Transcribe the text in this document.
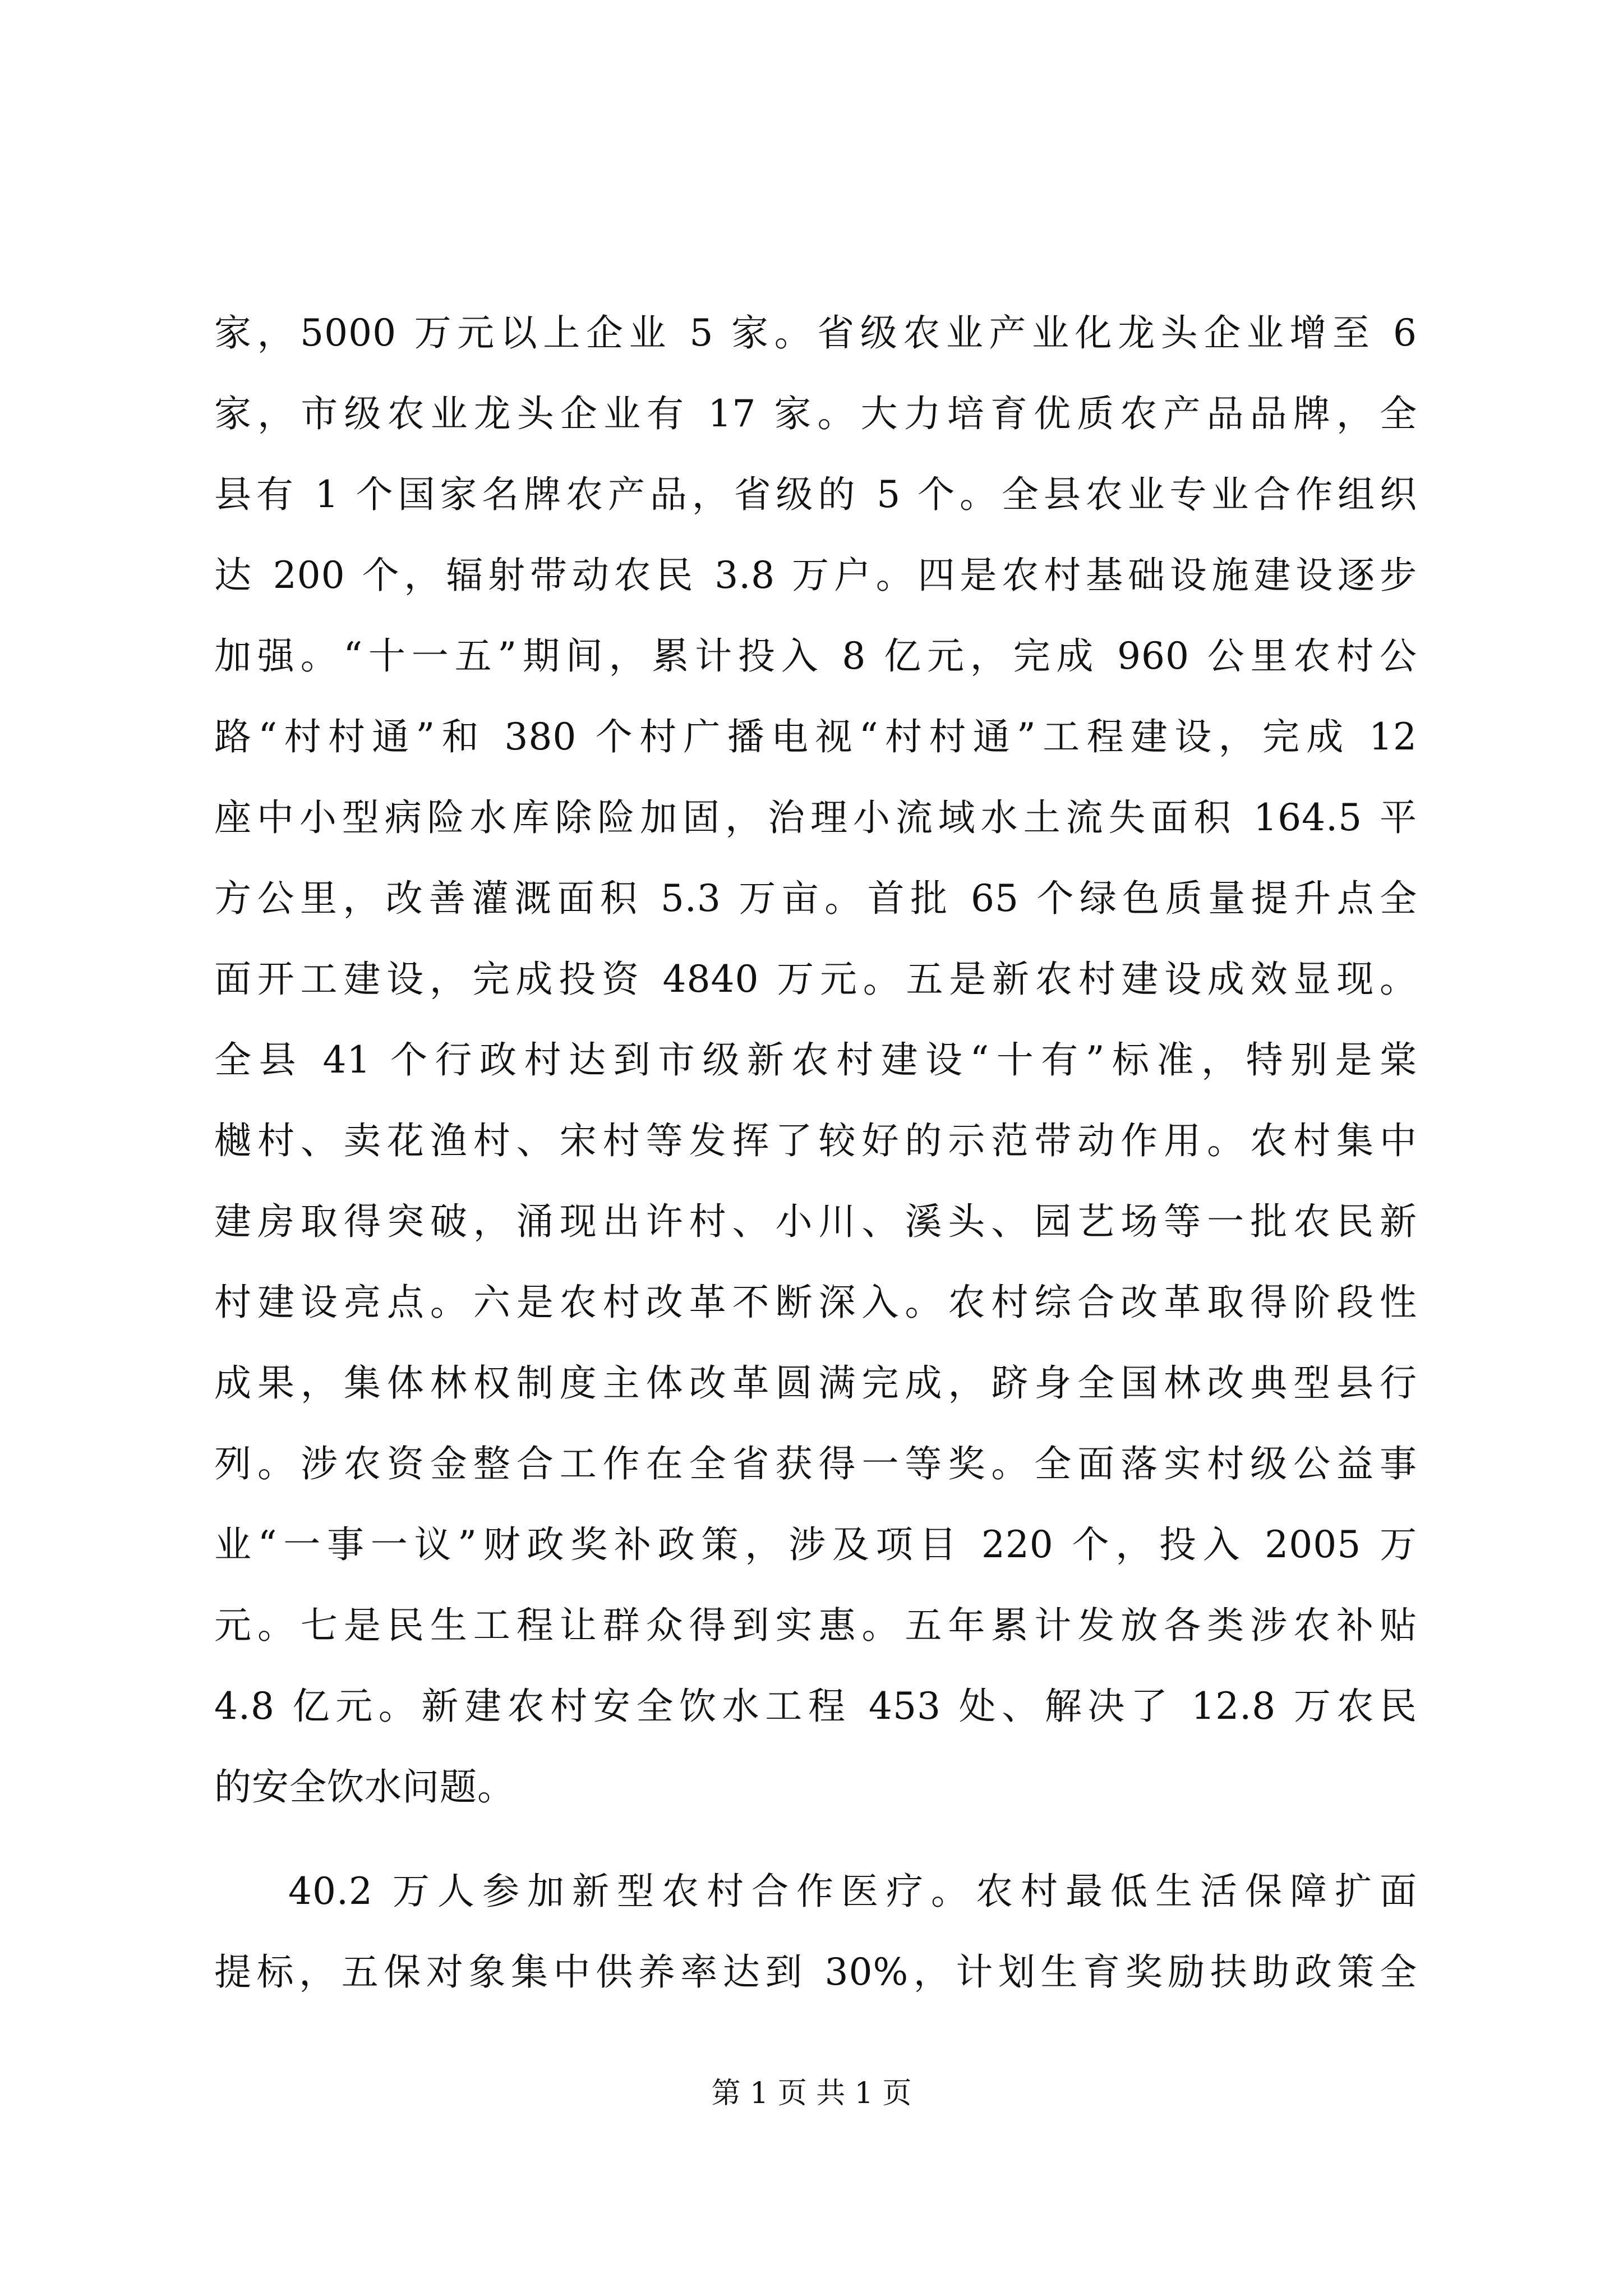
家，5000 万元以上企业 5 家。省级农业产业化龙头企业增至 6
家，市级农业龙头企业有 17 家。大力培育优质农产品品牌，全
县有 1 个国家名牌农产品，省级的 5 个。全县农业专业合作组织
达 200 个，辐射带动农民 3.8 万户。四是农村基础设施建设逐步
加强。“十一五”期间，累计投入 8 亿元，完成 960 公里农村公
路“村村通”和 380 个村广播电视“村村通”工程建设，完成 12
座中小型病险水库除险加固，治理小流域水土流失面积 164.5 平
方公里，改善灌溉面积 5.3 万亩。首批 65 个绿色质量提升点全
面开工建设，完成投资 4840 万元。五是新农村建设成效显现。
全县 41 个行政村达到市级新农村建设“十有”标准，特别是棠
樾村、卖花渔村、宋村等发挥了较好的示范带动作用。农村集中
建房取得突破，涌现出许村、小川、溪头、园艺场等一批农民新
村建设亮点。六是农村改革不断深入。农村综合改革取得阶段性
成果，集体林权制度主体改革圆满完成，跻身全国林改典型县行
列。涉农资金整合工作在全省获得一等奖。全面落实村级公益事
业“一事一议”财政奖补政策，涉及项目 220 个，投入 2005 万
元。七是民生工程让群众得到实惠。五年累计发放各类涉农补贴
4.8 亿元。新建农村安全饮水工程 453 处、解决了 12.8 万农民
的安全饮水问题。
40.2 万人参加新型农村合作医疗。农村最低生活保障扩面
提标，五保对象集中供养率达到 30%，计划生育奖励扶助政策全
第 1 页 共 1 页
